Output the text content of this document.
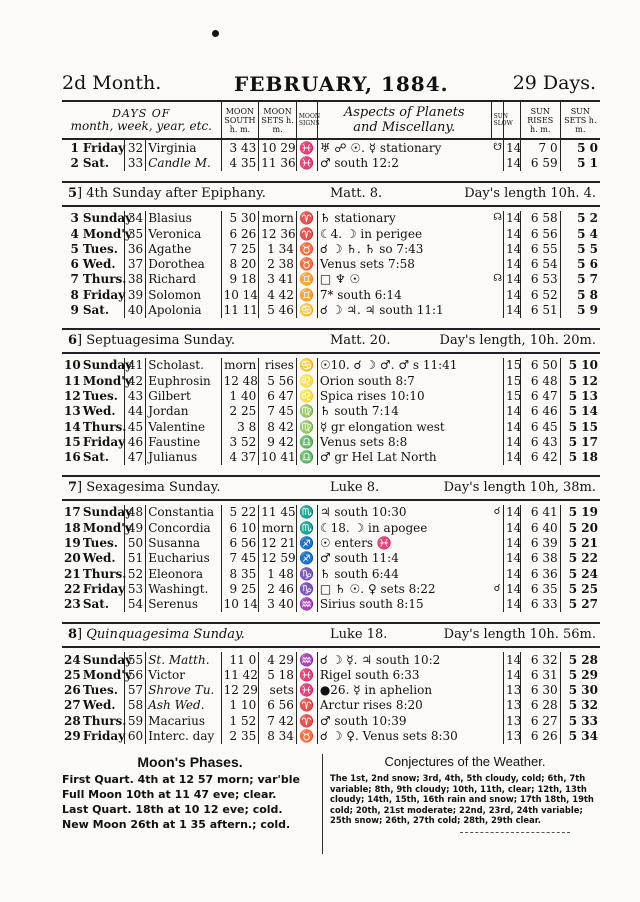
2d Month.	FEBRUARY, 1884.	29 Days.
DAYS OF
month, week, year, etc.
	MOON SOUTH h. m.	MOON SETS h. m.	MOON SIGNS	
Aspects of Planets
and Miscellany.
	SUN SLOW		SUN RISES h. m.	SUN SETS h. m.
1	Friday	32	Virginia	3 43	10 29	♓	♅ ☍ ☉. ☿ stationary	☋	14	7 0	5 0
2	Sat.	33	Candle M.	4 35	11 36	♓	♂ south 12:2		14	6 59	5 1
5] 4th Sunday after Epiphany.	Matt. 8.	Day's length 10h. 4.
3	Sunday	34	Blasius	5 30	morn	♈	♄ stationary	☊	14	6 58	5 2
4	Mond'y	35	Veronica	6 26	12 36	♈	☾4. ☽ in perigee		14	6 56	5 4
5	Tues.	36	Agathe	7 25	1 34	♉	☌ ☽ ♄. ♄ so 7:43		14	6 55	5 5
6	Wed.	37	Dorothea	8 20	2 38	♉	Venus sets 7:58		14	6 54	5 6
7	Thurs.	38	Richard	9 18	3 41	♊	□ ♆ ☉	☊	14	6 53	5 7
8	Friday	39	Solomon	10 14	4 42	♊	7* south 6:14		14	6 52	5 8
9	Sat.	40	Apolonia	11 11	5 46	♋	☌ ☽ ♃. ♃ south 11:1		14	6 51	5 9
6] Septuagesima Sunday.	Matt. 20.	Day's length, 10h. 20m.
10	Sunday	41	Scholast.	morn	rises	♋	☉10. ☌ ☽ ♂. ♂ s 11:41		15	6 50	5 10
11	Mond'y	42	Euphrosin	12 48	5 56	♌	Orion south 8:7		15	6 48	5 12
12	Tues.	43	Gilbert	1 40	6 47	♌	Spica rises 10:10		15	6 47	5 13
13	Wed.	44	Jordan	2 25	7 45	♍	♄ south 7:14		14	6 46	5 14
14	Thurs.	45	Valentine	3 8	8 42	♍	☿ gr elongation west		14	6 45	5 15
15	Friday	46	Faustine	3 52	9 42	♎	Venus sets 8:8		14	6 43	5 17
16	Sat.	47	Julianus	4 37	10 41	♎	♂ gr Hel Lat North		14	6 42	5 18
7] Sexagesima Sunday.	Luke 8.	Day's length 10h, 38m.
17	Sunday	48	Constantia	5 22	11 45	♏	♃ south 10:30	☌	14	6 41	5 19
18	Mond'y	49	Concordia	6 10	morn	♏	☾18. ☽ in apogee		14	6 40	5 20
19	Tues.	50	Susanna	6 56	12 21	♐	☉ enters ♓		14	6 39	5 21
20	Wed.	51	Eucharius	7 45	12 59	♐	♂ south 11:4		14	6 38	5 22
21	Thurs.	52	Eleonora	8 35	1 48	♑	♄ south 6:44		14	6 36	5 24
22	Friday	53	Washingt.	9 25	2 46	♑	□ ♄ ☉. ♀ sets 8:22	☌	14	6 35	5 25
23	Sat.	54	Serenus	10 14	3 40	♒	Sirius south 8:15		14	6 33	5 27
8] Quinquagesima Sunday.	Luke 18.	Day's length 10h. 56m.
24	Sunday	55	St. Matth.	11 0	4 29	♒	☌ ☽ ☿. ♃ south 10:2		14	6 32	5 28
25	Mond'y	56	Victor	11 42	5 18	♓	Rigel south 6:33		14	6 31	5 29
26	Tues.	57	Shrove Tu.	12 29	sets	♓	●26. ☿ in aphelion		13	6 30	5 30
27	Wed.	58	Ash Wed.	1 10	6 56	♈	Arctur rises 8:20		13	6 28	5 32
28	Thurs.	59	Macarius	1 52	7 42	♈	♂ south 10:39		13	6 27	5 33
29	Friday	60	Interc. day	2 35	8 34	♉	☌ ☽ ♀. Venus sets 8:30		13	6 26	5 34
Moon's Phases.
First Quart. 4th at 12 57 morn; var'ble
Full Moon 10th at 11 47 eve; clear.
Last Quart. 18th at 10 12 eve; cold.
New Moon 26th at 1 35 aftern.; cold.
Conjectures of the Weather.
The 1st, 2nd snow; 3rd, 4th, 5th cloudy, cold; 6th, 7th variable; 8th, 9th cloudy; 10th, 11th, clear; 12th, 13th cloudy; 14th, 15th, 16th rain and snow; 17th 18th, 19th cold; 20th, 21st moderate; 22nd, 23rd, 24th variable; 25th snow; 26th, 27th cold; 28th, 29th clear.
